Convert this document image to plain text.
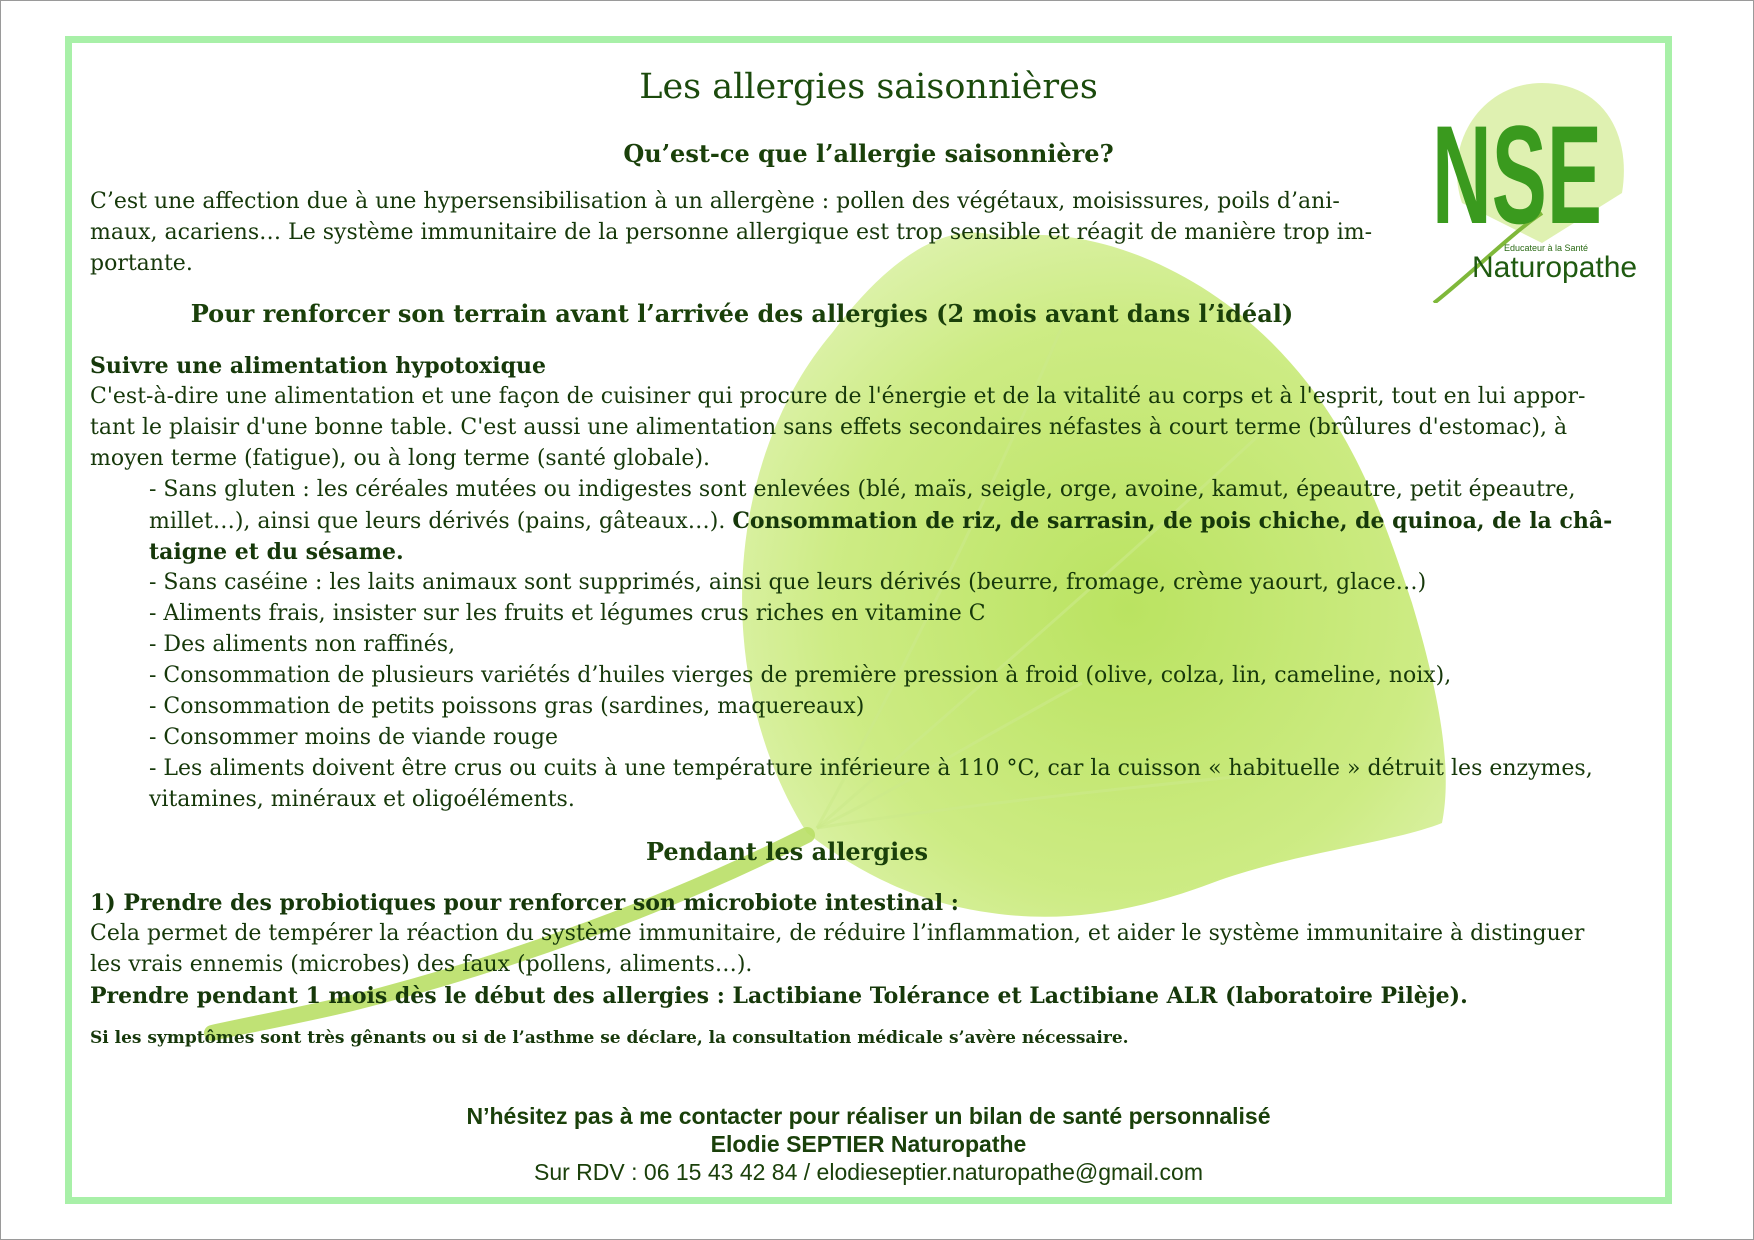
NSE
Educateur à la Santé
Naturopathe
Les allergies saisonnières
Qu’est-ce que l’allergie saisonnière?
C’est une affection due à une hypersensibilisation à un allergène : pollen des végétaux, moisissures, poils d’ani-
maux, acariens… Le système immunitaire de la personne allergique est trop sensible et réagit de manière trop im-
portante.
Pour renforcer son terrain avant l’arrivée des allergies (2 mois avant dans l’idéal)
Suivre une alimentation hypotoxique
C'est-à-dire une alimentation et une façon de cuisiner qui procure de l'énergie et de la vitalité au corps et à l'esprit, tout en lui appor-
tant le plaisir d'une bonne table. C'est aussi une alimentation sans effets secondaires néfastes à court terme (brûlures d'estomac), à
moyen terme (fatigue), ou à long terme (santé globale).
- Sans gluten : les céréales mutées ou indigestes sont enlevées (blé, maïs, seigle, orge, avoine, kamut, épeautre, petit épeautre,
millet…), ainsi que leurs dérivés (pains, gâteaux…). Consommation de riz, de sarrasin, de pois chiche, de quinoa, de la châ-
taigne et du sésame.
- Sans caséine : les laits animaux sont supprimés, ainsi que leurs dérivés (beurre, fromage, crème yaourt, glace…)
- Aliments frais, insister sur les fruits et légumes crus riches en vitamine C
- Des aliments non raffinés,
- Consommation de plusieurs variétés d’huiles vierges de première pression à froid (olive, colza, lin, cameline, noix),
- Consommation de petits poissons gras (sardines, maquereaux)
- Consommer moins de viande rouge
- Les aliments doivent être crus ou cuits à une température inférieure à 110 °C, car la cuisson « habituelle » détruit les enzymes,
vitamines, minéraux et oligoéléments.
Pendant les allergies
1) Prendre des probiotiques pour renforcer son microbiote intestinal :
Cela permet de tempérer la réaction du système immunitaire, de réduire l’inflammation, et aider le système immunitaire à distinguer
les vrais ennemis (microbes) des faux (pollens, aliments…).
Prendre pendant 1 mois dès le début des allergies : Lactibiane Tolérance et Lactibiane ALR (laboratoire Pilèje).
Si les symptômes sont très gênants ou si de l’asthme se déclare, la consultation médicale s’avère nécessaire.
N’hésitez pas à me contacter pour réaliser un bilan de santé personnalisé
Elodie SEPTIER Naturopathe
Sur RDV : 06 15 43 42 84 / elodieseptier.naturopathe@gmail.com
